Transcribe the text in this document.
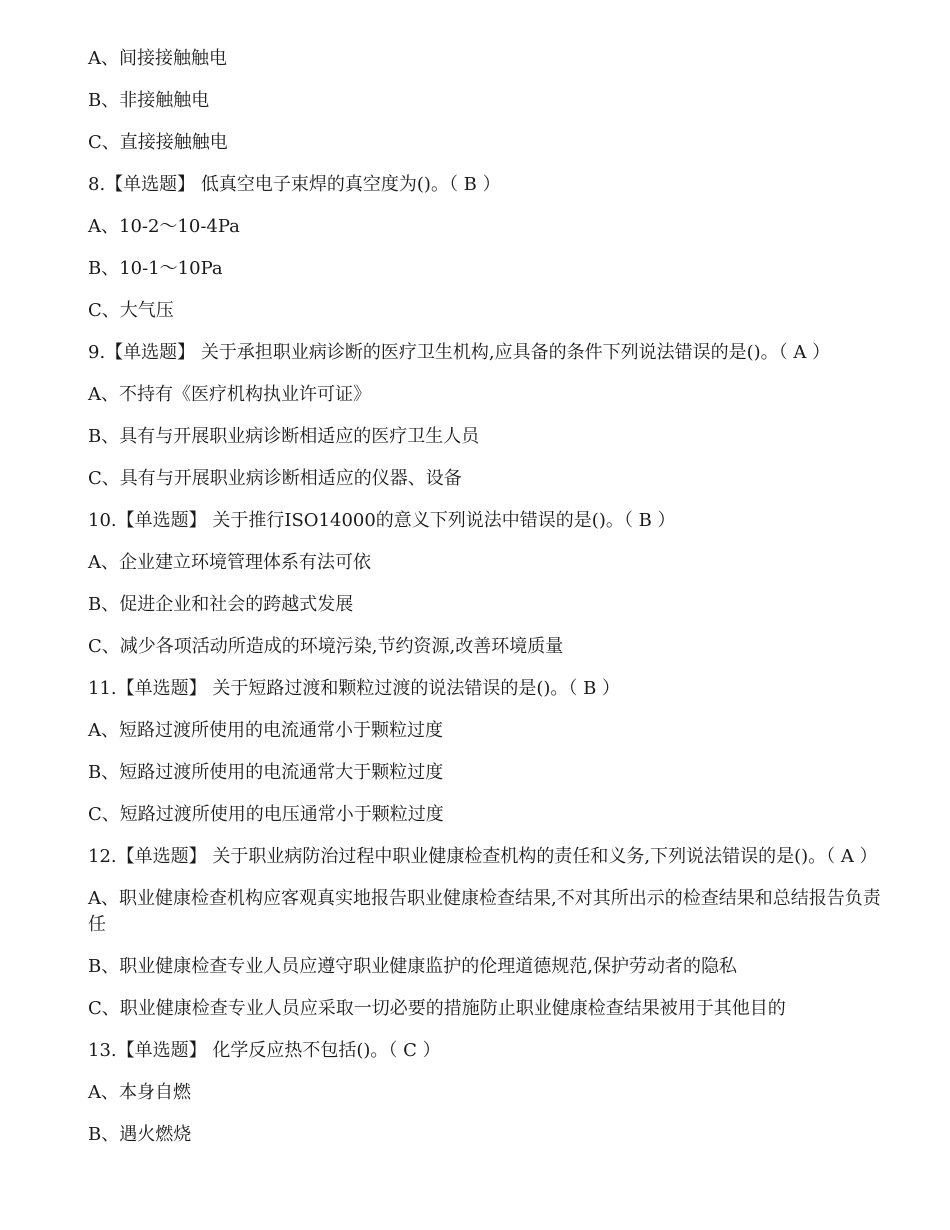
A、间接接触触电
B、非接触触电
C、直接接触触电
8.【单选题】 低真空电子束焊的真空度为()。（ B ）
A、10-2～10-4Pa
B、10-1～10Pa
C、大气压
9.【单选题】 关于承担职业病诊断的医疗卫生机构,应具备的条件下列说法错误的是()。（ A ）
A、不持有《医疗机构执业许可证》
B、具有与开展职业病诊断相适应的医疗卫生人员
C、具有与开展职业病诊断相适应的仪器、设备
10.【单选题】 关于推行ISO14000的意义下列说法中错误的是()。（ B ）
A、企业建立环境管理体系有法可依
B、促进企业和社会的跨越式发展
C、减少各项活动所造成的环境污染,节约资源,改善环境质量
11.【单选题】 关于短路过渡和颗粒过渡的说法错误的是()。（ B ）
A、短路过渡所使用的电流通常小于颗粒过度
B、短路过渡所使用的电流通常大于颗粒过度
C、短路过渡所使用的电压通常小于颗粒过度
12.【单选题】 关于职业病防治过程中职业健康检查机构的责任和义务,下列说法错误的是()。（ A ）
A、职业健康检查机构应客观真实地报告职业健康检查结果,不对其所出示的检查结果和总结报告负责任
B、职业健康检查专业人员应遵守职业健康监护的伦理道德规范,保护劳动者的隐私
C、职业健康检查专业人员应采取一切必要的措施防止职业健康检查结果被用于其他目的
13.【单选题】 化学反应热不包括()。（ C ）
A、本身自燃
B、遇火燃烧
